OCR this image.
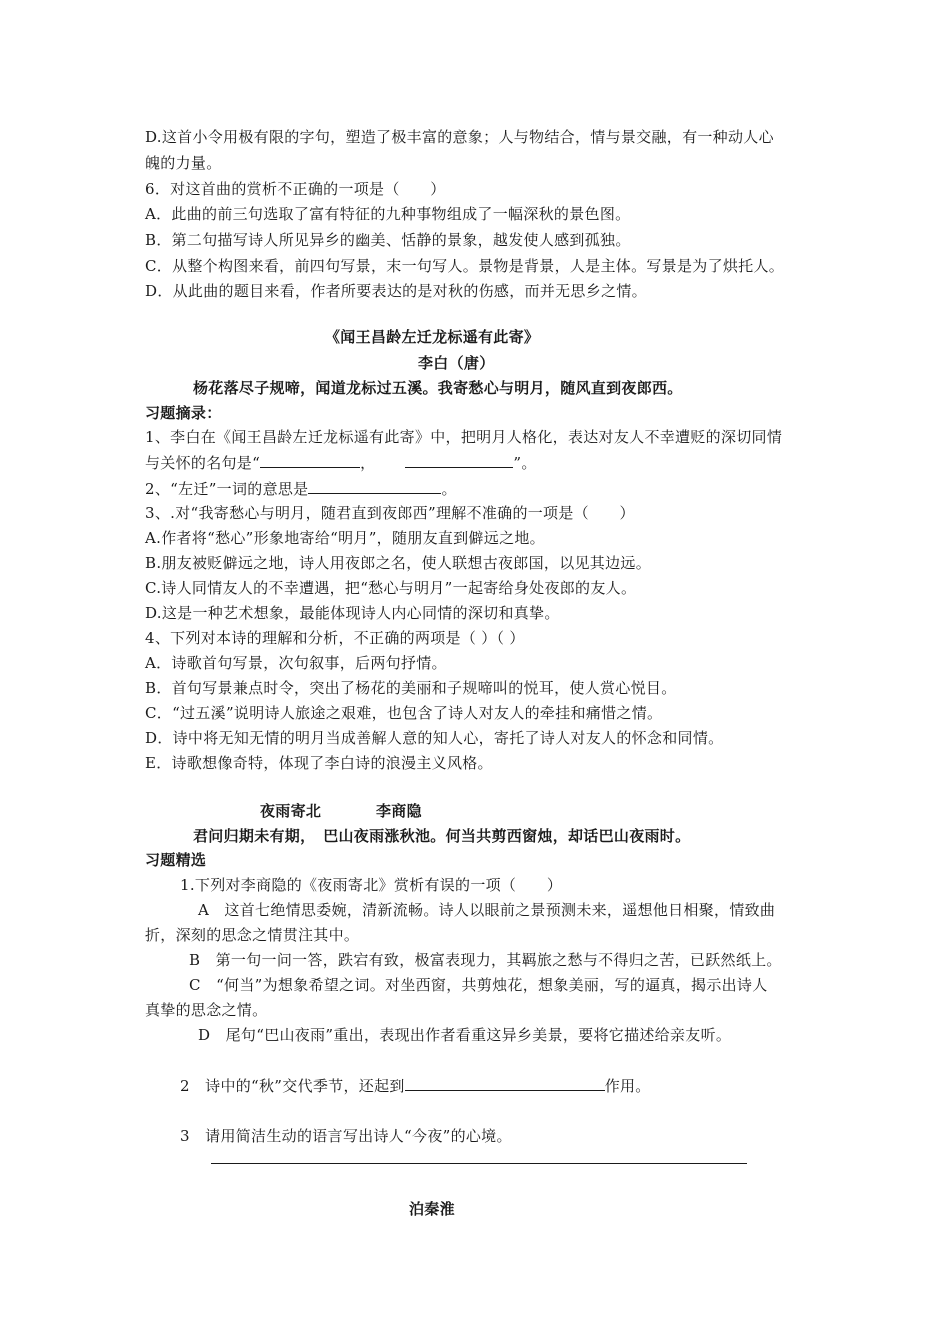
D.这首小令用极有限的字句，塑造了极丰富的意象；人与物结合，情与景交融，有一种动人心
魄的力量。
6．对这首曲的赏析不正确的一项是（　　）
A．此曲的前三句选取了富有特征的九种事物组成了一幅深秋的景色图。
B．第二句描写诗人所见异乡的幽美、恬静的景象，越发使人感到孤独。
C．从整个构图来看，前四句写景，末一句写人。景物是背景，人是主体。写景是为了烘托人。
D．从此曲的题目来看，作者所要表达的是对秋的伤感，而并无思乡之情。
《闻王昌龄左迁龙标遥有此寄》
李白（唐）
杨花落尽子规啼，闻道龙标过五溪。我寄愁心与明月，随风直到夜郎西。
习题摘录：
1、李白在《闻王昌龄左迁龙标遥有此寄》中，把明月人格化，表达对友人不幸遭贬的深切同情
与关怀的名句是“	，	”。
2、“左迁”一词的意思是	。
3、.对“我寄愁心与明月，随君直到夜郎西”理解不准确的一项是（　　）
A.作者将“愁心”形象地寄给“明月”，随朋友直到僻远之地。
B.朋友被贬僻远之地，诗人用夜郎之名，使人联想古夜郎国，以见其边远。
C.诗人同情友人的不幸遭遇，把“愁心与明月”一起寄给身处夜郎的友人。
D.这是一种艺术想象，最能体现诗人内心同情的深切和真挚。
4、下列对本诗的理解和分析，不正确的两项是（ ）（ ）
A．诗歌首句写景，次句叙事，后两句抒情。
B．首句写景兼点时令，突出了杨花的美丽和子规啼叫的悦耳，使人赏心悦目。
C．“过五溪”说明诗人旅途之艰难，也包含了诗人对友人的牵挂和痛惜之情。
D．诗中将无知无情的明月当成善解人意的知人心，寄托了诗人对友人的怀念和同情。
E．诗歌想像奇特，体现了李白诗的浪漫主义风格。
夜雨寄北	李商隐
君问归期未有期，　巴山夜雨涨秋池。何当共剪西窗烛，却话巴山夜雨时。
习题精选
1.下列对李商隐的《夜雨寄北》赏析有误的一项（　　）
A　这首七绝情思委婉，清新流畅。诗人以眼前之景预测未来，遥想他日相聚，情致曲
折，深刻的思念之情贯注其中。
B　第一句一问一答，跌宕有致，极富表现力，其羁旅之愁与不得归之苦，已跃然纸上。
C　“何当”为想象希望之词。对坐西窗，共剪烛花，想象美丽，写的逼真，揭示出诗人
真挚的思念之情。
D　尾句“巴山夜雨”重出，表现出作者看重这异乡美景，要将它描述给亲友听。
2　诗中的“秋”交代季节，还起到	作用。
3　请用简洁生动的语言写出诗人“今夜”的心境。
泊秦淮
